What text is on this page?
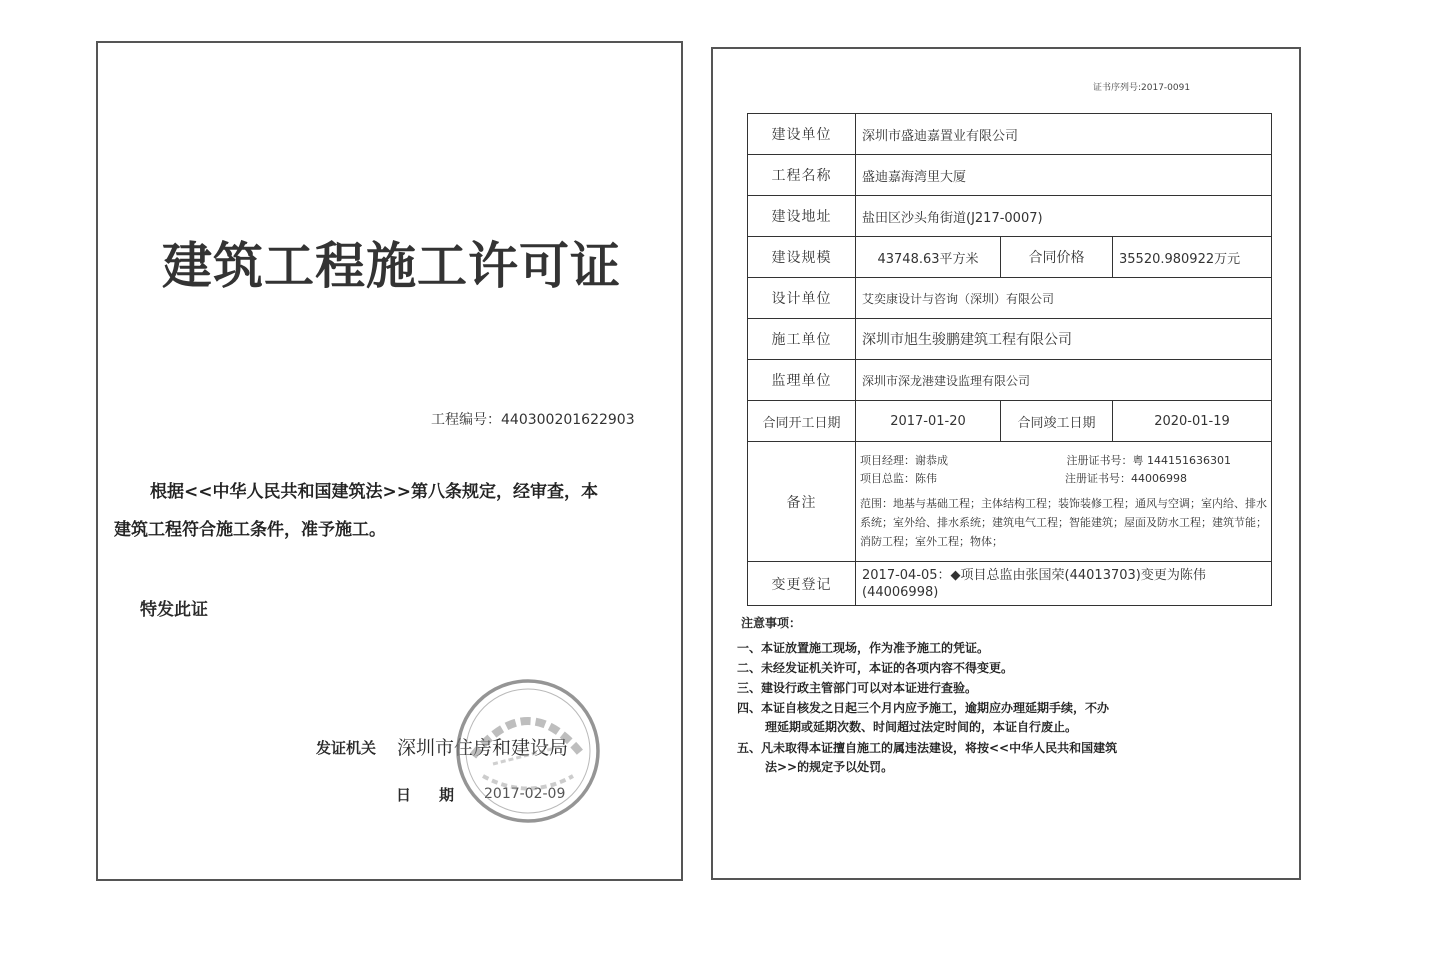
建筑工程施工许可证
工程编号：440300201622903
根据<<中华人民共和国建筑法>>第八条规定，经审查，本
建筑工程符合施工条件，准予施工。
特发此证
发证机关 深圳市住房和建设局
日期 2017-02-09
证书序列号:2017-0091
建设单位	深圳市盛迪嘉置业有限公司		
工程名称	盛迪嘉海湾里大厦		
建设地址	盐田区沙头角街道(J217-0007)		
建设规模	43748.63平方米	合同价格	35520.980922万元
设计单位	艾奕康设计与咨询（深圳）有限公司		
施工单位	深圳市旭生骏鹏建筑工程有限公司		
监理单位	深圳市深龙港建设监理有限公司		
合同开工日期	2017-01-20	合同竣工日期	2020-01-19
备注	项目经理：谢恭成 注册证书号：粤 144151636301
项目总监：陈伟 注册证书号：44006998
范围：地基与基础工程；主体结构工程；装饰装修工程；通风与空调；室内给、排水系统；室外给、排水系统；建筑电气工程；智能建筑；屋面及防水工程；建筑节能；消防工程；室外工程；物体；		

变更登记	2017-04-05：◆项目总监由张国荣(44013703)变更为陈伟(44006998)		
注意事项：
一、本证放置施工现场，作为准予施工的凭证。
二、未经发证机关许可，本证的各项内容不得变更。
三、建设行政主管部门可以对本证进行查验。
四、本证自核发之日起三个月内应予施工，逾期应办理延期手续，不办
理延期或延期次数、时间超过法定时间的，本证自行废止。
五、凡未取得本证擅自施工的属违法建设，将按<<中华人民共和国建筑
法>>的规定予以处罚。
